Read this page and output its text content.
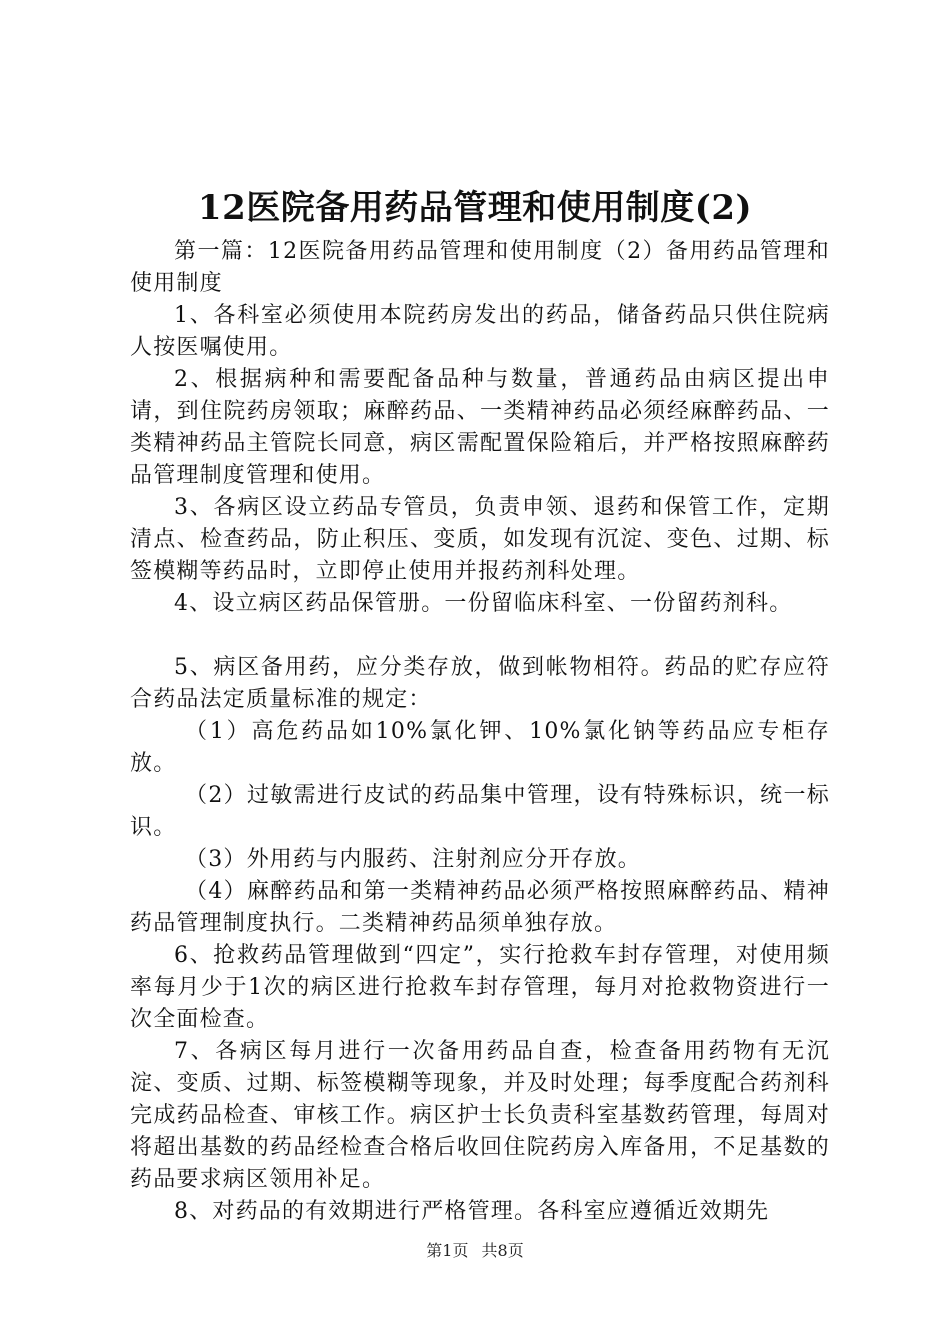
12医院备用药品管理和使用制度(2)

第一篇：12医院备用药品管理和使用制度（2）备用药品管理和使用制度

1、各科室必须使用本院药房发出的药品，储备药品只供住院病人按医嘱使用。

2、根据病种和需要配备品种与数量，普通药品由病区提出申请，到住院药房领取；麻醉药品、一类精神药品必须经麻醉药品、一类精神药品主管院长同意，病区需配置保险箱后，并严格按照麻醉药品管理制度管理和使用。

3、各病区设立药品专管员，负责申领、退药和保管工作，定期清点、检查药品，防止积压、变质，如发现有沉淀、变色、过期、标签模糊等药品时，立即停止使用并报药剂科处理。

4、设立病区药品保管册。一份留临床科室、一份留药剂科。

5、病区备用药，应分类存放，做到帐物相符。药品的贮存应符合药品法定质量标准的规定：

（1）高危药品如10%氯化钾、10%氯化钠等药品应专柜存放。

（2）过敏需进行皮试的药品集中管理，设有特殊标识，统一标识。

（3）外用药与内服药、注射剂应分开存放。

（4）麻醉药品和第一类精神药品必须严格按照麻醉药品、精神药品管理制度执行。二类精神药品须单独存放。

6、抢救药品管理做到“四定”，实行抢救车封存管理，对使用频率每月少于1次的病区进行抢救车封存管理，每月对抢救物资进行一次全面检查。

7、各病区每月进行一次备用药品自查，检查备用药物有无沉淀、变质、过期、标签模糊等现象，并及时处理；每季度配合药剂科完成药品检查、审核工作。病区护士长负责科室基数药管理，每周对将超出基数的药品经检查合格后收回住院药房入库备用，不足基数的药品要求病区领用补足。

8、对药品的有效期进行严格管理。各科室应遵循近效期先

第1页 共8页
